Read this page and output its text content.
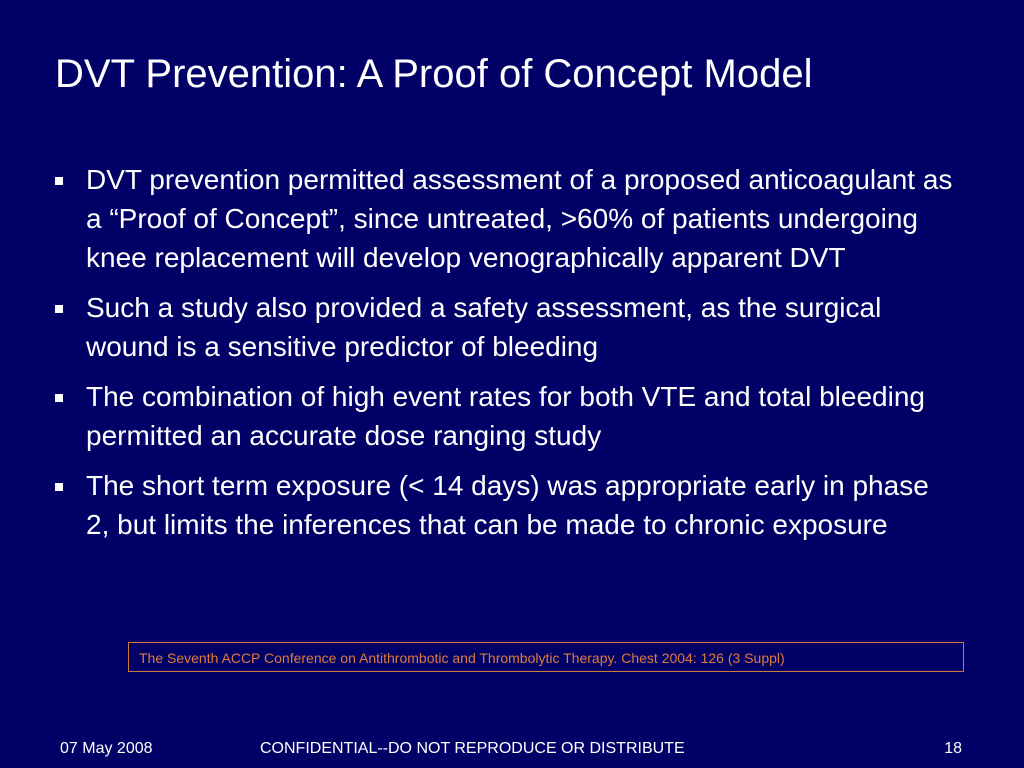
DVT Prevention: A Proof of Concept Model
DVT prevention permitted assessment of a proposed anticoagulant as a “Proof of Concept”, since untreated, >60% of patients undergoing knee replacement will develop venographically apparent DVT
Such a study also provided a safety assessment, as the surgical wound is a sensitive predictor of bleeding
The combination of high event rates for both VTE and total bleeding permitted an accurate dose ranging study
The short term exposure (< 14 days) was appropriate early in phase 2, but limits the inferences that can be made to chronic exposure
The Seventh ACCP Conference on Antithrombotic and Thrombolytic Therapy. Chest 2004: 126 (3 Suppl)
07 May 2008	CONFIDENTIAL--DO NOT REPRODUCE OR DISTRIBUTE	18
